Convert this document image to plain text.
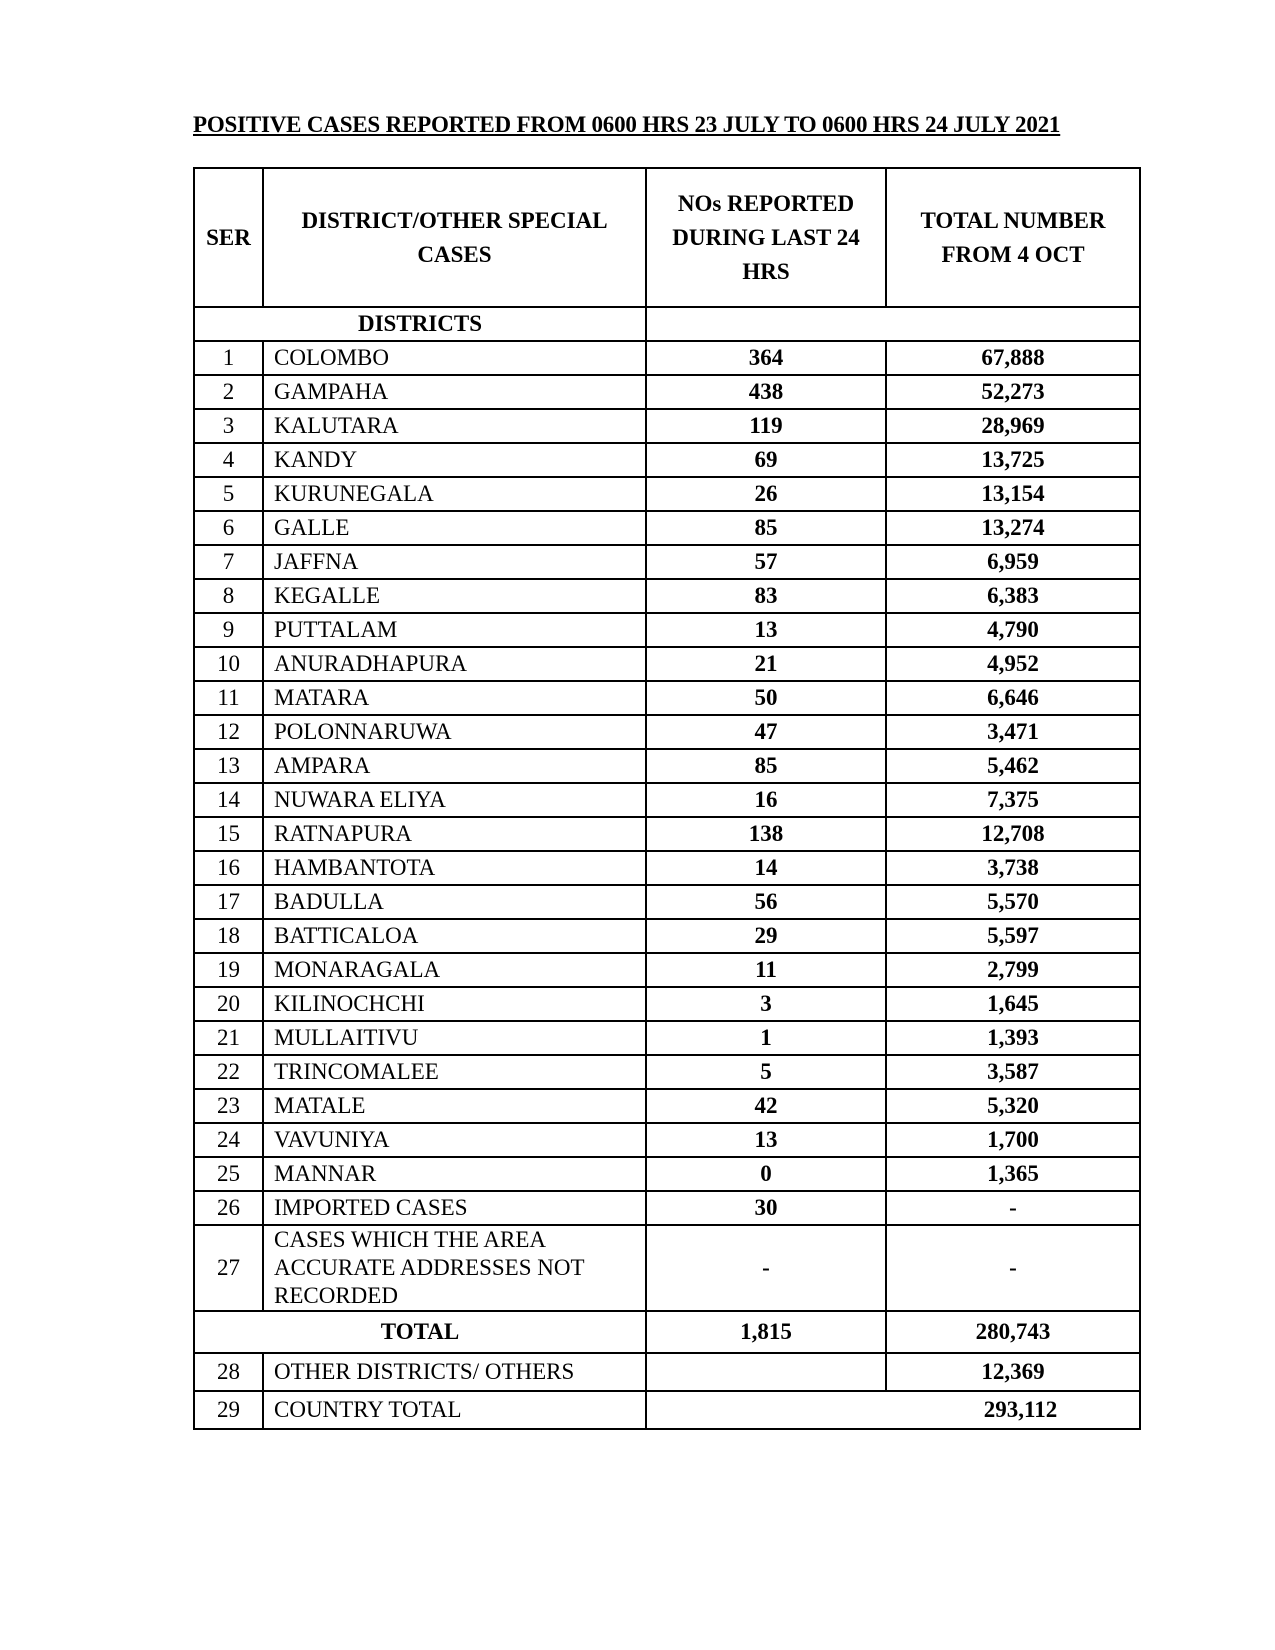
POSITIVE CASES REPORTED FROM 0600 HRS 23 JULY TO 0600 HRS 24 JULY 2021
SER	DISTRICT/OTHER SPECIAL CASES	NOs REPORTED DURING LAST 24 HRS	TOTAL NUMBER FROM 4 OCT
DISTRICTS			
1	COLOMBO	364	67,888
2	GAMPAHA	438	52,273
3	KALUTARA	119	28,969
4	KANDY	69	13,725
5	KURUNEGALA	26	13,154
6	GALLE	85	13,274
7	JAFFNA	57	6,959
8	KEGALLE	83	6,383
9	PUTTALAM	13	4,790
10	ANURADHAPURA	21	4,952
11	MATARA	50	6,646
12	POLONNARUWA	47	3,471
13	AMPARA	85	5,462
14	NUWARA ELIYA	16	7,375
15	RATNAPURA	138	12,708
16	HAMBANTOTA	14	3,738
17	BADULLA	56	5,570
18	BATTICALOA	29	5,597
19	MONARAGALA	11	2,799
20	KILINOCHCHI	3	1,645
21	MULLAITIVU	1	1,393
22	TRINCOMALEE	5	3,587
23	MATALE	42	5,320
24	VAVUNIYA	13	1,700
25	MANNAR	0	1,365
26	IMPORTED CASES	30	-
27	CASES WHICH THE AREA ACCURATE ADDRESSES NOT RECORDED	-	-
TOTAL		1,815	280,743
28	OTHER DISTRICTS/ OTHERS		12,369
29	COUNTRY TOTAL	293,112	
